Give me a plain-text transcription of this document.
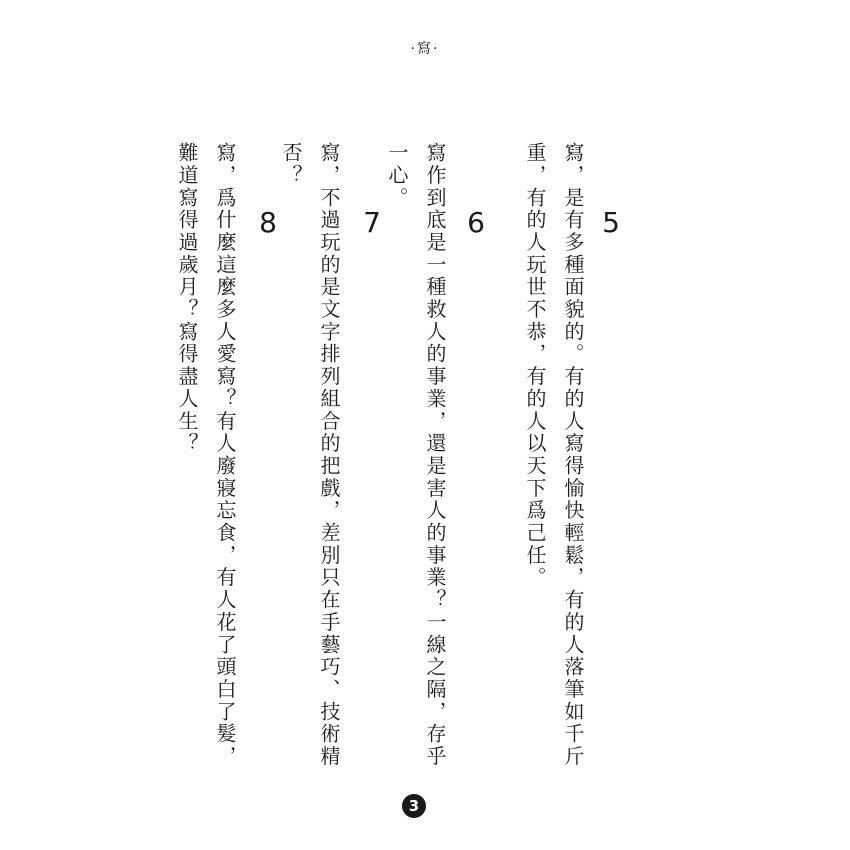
·寫·
5
寫，是有多種面貌的。有的人寫得愉快輕鬆，有的人落筆如千斤重，有的人玩世不恭，有的人以天下爲己任。
6
寫作到底是一種救人的事業，還是害人的事業？一線之隔，存乎一心。
7
寫，不過玩的是文字排列組合的把戲，差別只在手藝巧、技術精否？
8
寫，爲什麼這麼多人愛寫？有人廢寢忘食，有人花了頭白了髮，難道寫得過歲月？寫得盡人生？
3
